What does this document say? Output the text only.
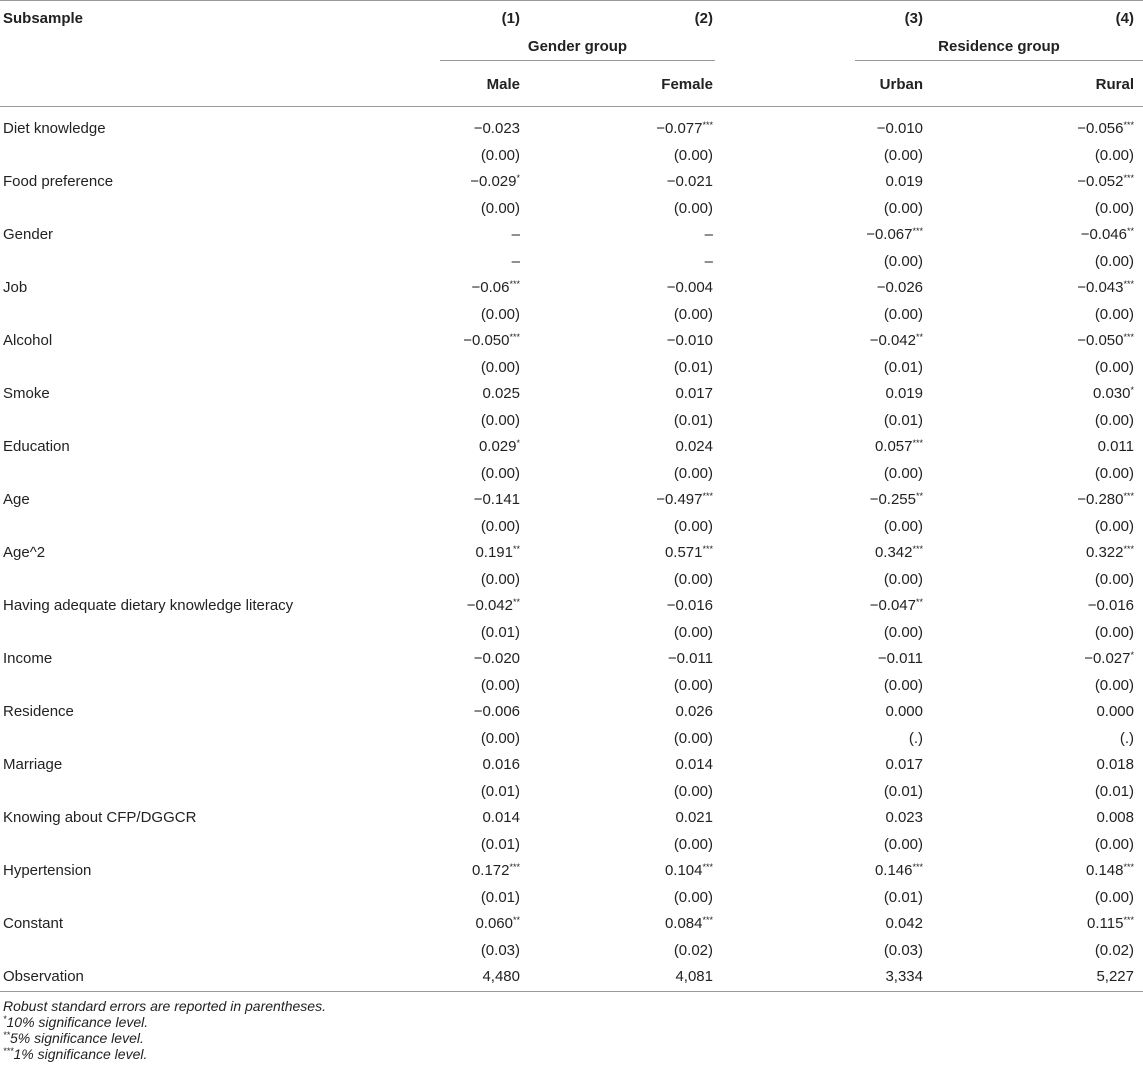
Subsample	(1)	(2)	(3)	(4)

	Gender group		Residence group	

	Male	Female	Urban	Rural
Diet knowledge	−0.023	−0.077***	−0.010	−0.056***
	(0.00)	(0.00)	(0.00)	(0.00)
Food preference	−0.029*	−0.021	0.019	−0.052***
	(0.00)	(0.00)	(0.00)	(0.00)
Gender	–	–	−0.067***	−0.046**
	–	–	(0.00)	(0.00)
Job	−0.06***	−0.004	−0.026	−0.043***
	(0.00)	(0.00)	(0.00)	(0.00)
Alcohol	−0.050***	−0.010	−0.042**	−0.050***
	(0.00)	(0.01)	(0.01)	(0.00)
Smoke	0.025	0.017	0.019	0.030*
	(0.00)	(0.01)	(0.01)	(0.00)
Education	0.029*	0.024	0.057***	0.011
	(0.00)	(0.00)	(0.00)	(0.00)
Age	−0.141	−0.497***	−0.255**	−0.280***
	(0.00)	(0.00)	(0.00)	(0.00)
Age^2	0.191**	0.571***	0.342***	0.322***
	(0.00)	(0.00)	(0.00)	(0.00)
Having adequate dietary knowledge literacy	−0.042**	−0.016	−0.047**	−0.016
	(0.01)	(0.00)	(0.00)	(0.00)
Income	−0.020	−0.011	−0.011	−0.027*
	(0.00)	(0.00)	(0.00)	(0.00)
Residence	−0.006	0.026	0.000	0.000
	(0.00)	(0.00)	(.)	(.)
Marriage	0.016	0.014	0.017	0.018
	(0.01)	(0.00)	(0.01)	(0.01)
Knowing about CFP/DGGCR	0.014	0.021	0.023	0.008
	(0.01)	(0.00)	(0.00)	(0.00)
Hypertension	0.172***	0.104***	0.146***	0.148***
	(0.01)	(0.00)	(0.01)	(0.00)
Constant	0.060**	0.084***	0.042	0.115***
	(0.03)	(0.02)	(0.03)	(0.02)
Observation	4,480	4,081	3,334	5,227
Robust standard errors are reported in parentheses.
*10% significance level.
**5% significance level.
***1% significance level.
